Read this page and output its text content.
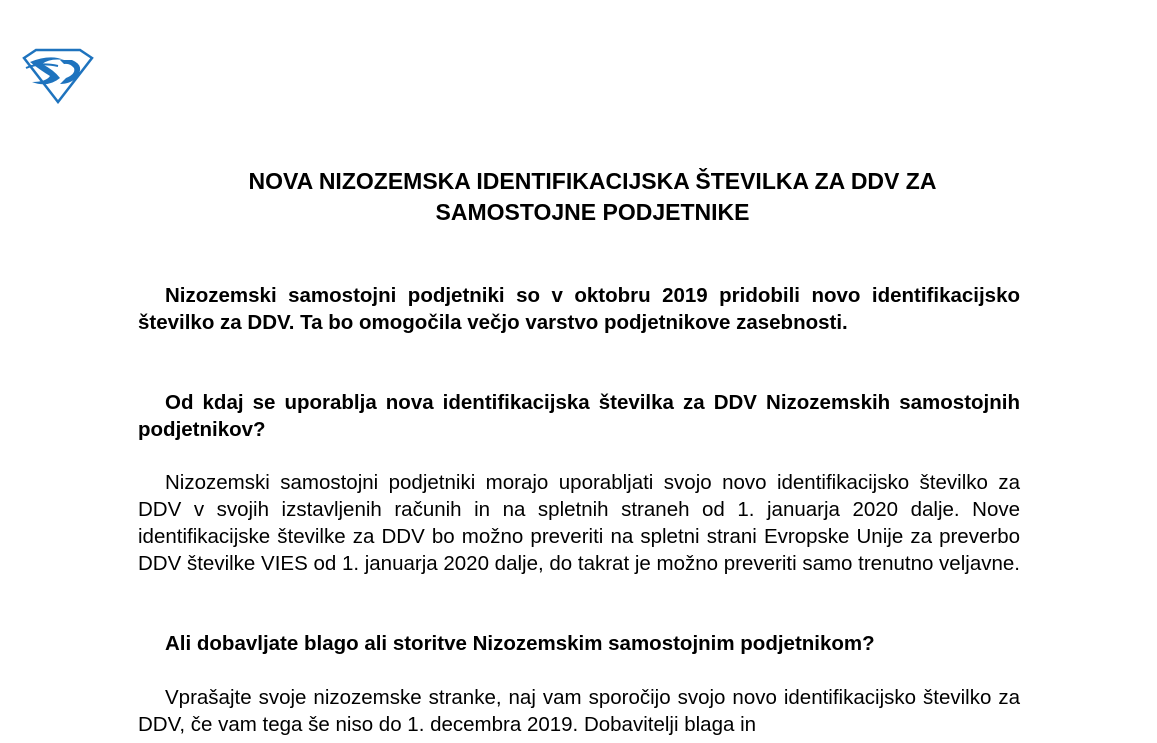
NOVA NIZOZEMSKA IDENTIFIKACIJSKA ŠTEVILKA ZA DDV ZA
SAMOSTOJNE PODJETNIKE

Nizozemski samostojni podjetniki so v oktobru 2019 pridobili novo identifikacijsko številko za DDV. Ta bo omogočila večjo varstvo podjetnikove zasebnosti.

Od kdaj se uporablja nova identifikacijska številka za DDV Nizozemskih samostojnih podjetnikov?

Nizozemski samostojni podjetniki morajo uporabljati svojo novo identifikacijsko številko za DDV v svojih izstavljenih računih in na spletnih straneh od 1. januarja 2020 dalje. Nove identifikacijske številke za DDV bo možno preveriti na spletni strani Evropske Unije za preverbo DDV številke VIES od 1. januarja 2020 dalje, do takrat je možno preveriti samo trenutno veljavne.

Ali dobavljate blago ali storitve Nizozemskim samostojnim podjetnikom?

Vprašajte svoje nizozemske stranke, naj vam sporočijo svojo novo identifikacijsko številko za DDV, če vam tega še niso do 1. decembra 2019. Dobavitelji blaga in
